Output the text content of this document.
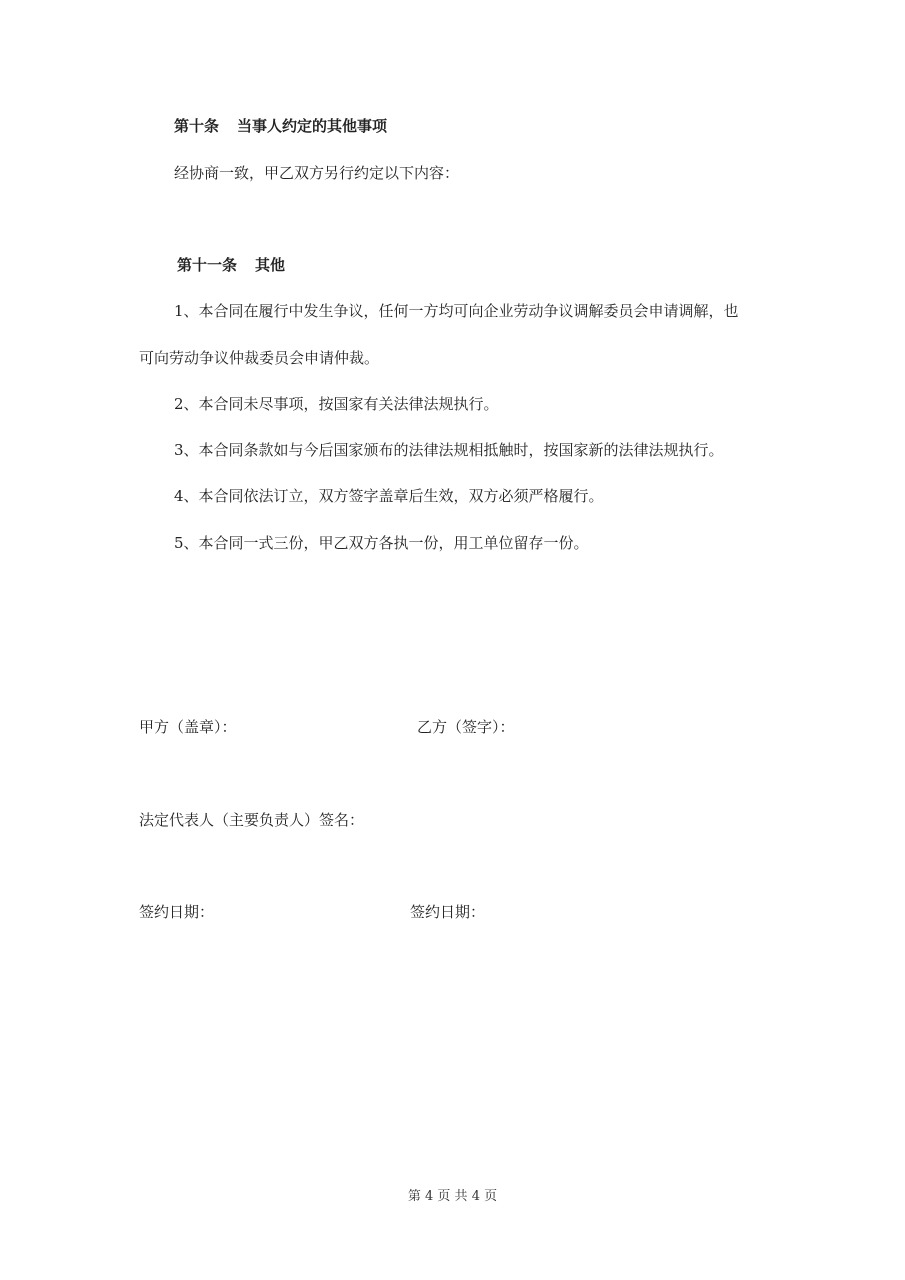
第十条 当事人约定的其他事项
经协商一致，甲乙双方另行约定以下内容：
第十一条 其他
1、本合同在履行中发生争议，任何一方均可向企业劳动争议调解委员会申请调解，也
可向劳动争议仲裁委员会申请仲裁。
2、本合同未尽事项，按国家有关法律法规执行。
3、本合同条款如与今后国家颁布的法律法规相抵触时，按国家新的法律法规执行。
4、本合同依法订立，双方签字盖章后生效，双方必须严格履行。
5、本合同一式三份，甲乙双方各执一份，用工单位留存一份。
甲方（盖章）：	乙方（签字）：
法定代表人（主要负责人）签名：
签约日期：	签约日期：
第 4 页 共 4 页
